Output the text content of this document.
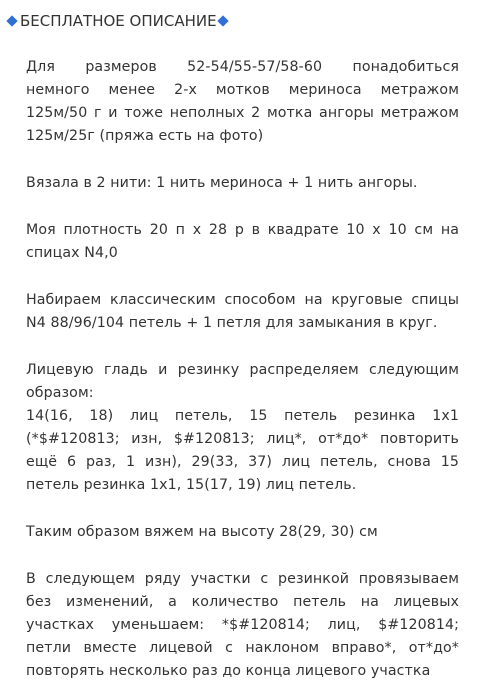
БЕСПЛАТНОЕ ОПИСАНИЕ
Для размеров 52-54/55-57/58-60 понадобиться
немного менее 2-х мотков мериноса метражом
125м/50 г и тоже неполных 2 мотка ангоры метражом
125м/25г (пряжа есть на фото)
Вязала в 2 нити: 1 нить мериноса + 1 нить ангоры.
Моя плотность 20 п х 28 р в квадрате 10 х 10 см на
спицах N4,0
Набираем классическим способом на круговые спицы
N4 88/96/104 петель + 1 петля для замыкания в круг.
Лицевую гладь и резинку распределяем следующим
образом:
14(16, 18) лиц петель, 15 петель резинка 1х1
(*$#120813; изн, $#120813; лиц*, от*до* повторить
ещё 6 раз, 1 изн), 29(33, 37) лиц петель, снова 15
петель резинка 1х1, 15(17, 19) лиц петель.
Таким образом вяжем на высоту 28(29, 30) см
В следующем ряду участки с резинкой провязываем
без изменений, а количество петель на лицевых
участках уменьшаем: *$#120814; лиц, $#120814;
петли вместе лицевой с наклоном вправо*, от*до*
повторять несколько раз до конца лицевого участка
